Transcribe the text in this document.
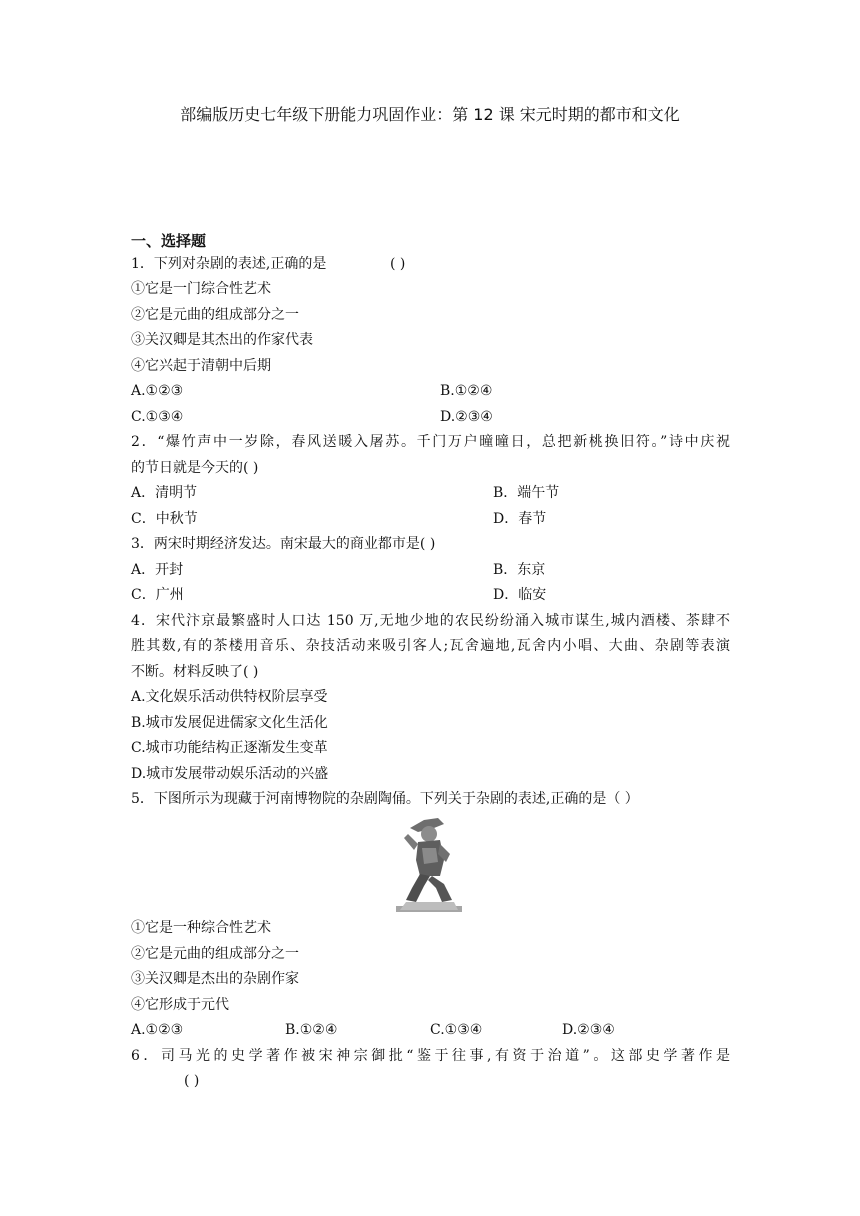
部编版历史七年级下册能力巩固作业：第 12 课 宋元时期的都市和文化
一、选择题
1．下列对杂剧的表述,正确的是	( )
①它是一门综合性艺术
②它是元曲的组成部分之一
③关汉卿是其杰出的作家代表
④它兴起于清朝中后期
A.①②③	B.①②④
C.①③④	D.②③④
2．“爆竹声中一岁除，春风送暖入屠苏。千门万户曈曈日，总把新桃换旧符。”诗中庆祝
的节日就是今天的( )
A．清明节	B．端午节
C．中秋节	D．春节
3．两宋时期经济发达。南宋最大的商业都市是( )
A．开封	B．东京
C．广州	D．临安
4．宋代汴京最繁盛时人口达 150 万,无地少地的农民纷纷涌入城市谋生,城内酒楼、茶肆不
胜其数,有的茶楼用音乐、杂技活动来吸引客人;瓦舍遍地,瓦舍内小唱、大曲、杂剧等表演
不断。材料反映了( )
A.文化娱乐活动供特权阶层享受
B.城市发展促进儒家文化生活化
C.城市功能结构正逐渐发生变革
D.城市发展带动娱乐活动的兴盛
5．下图所示为现藏于河南博物院的杂剧陶俑。下列关于杂剧的表述,正确的是（ ）
①它是一种综合性艺术
②它是元曲的组成部分之一
③关汉卿是杰出的杂剧作家
④它形成于元代
A.①②③	B.①②④	C.①③④	D.②③④
6．司马光的史学著作被宋神宗御批“鉴于往事,有资于治道”。这部史学著作是
( )
